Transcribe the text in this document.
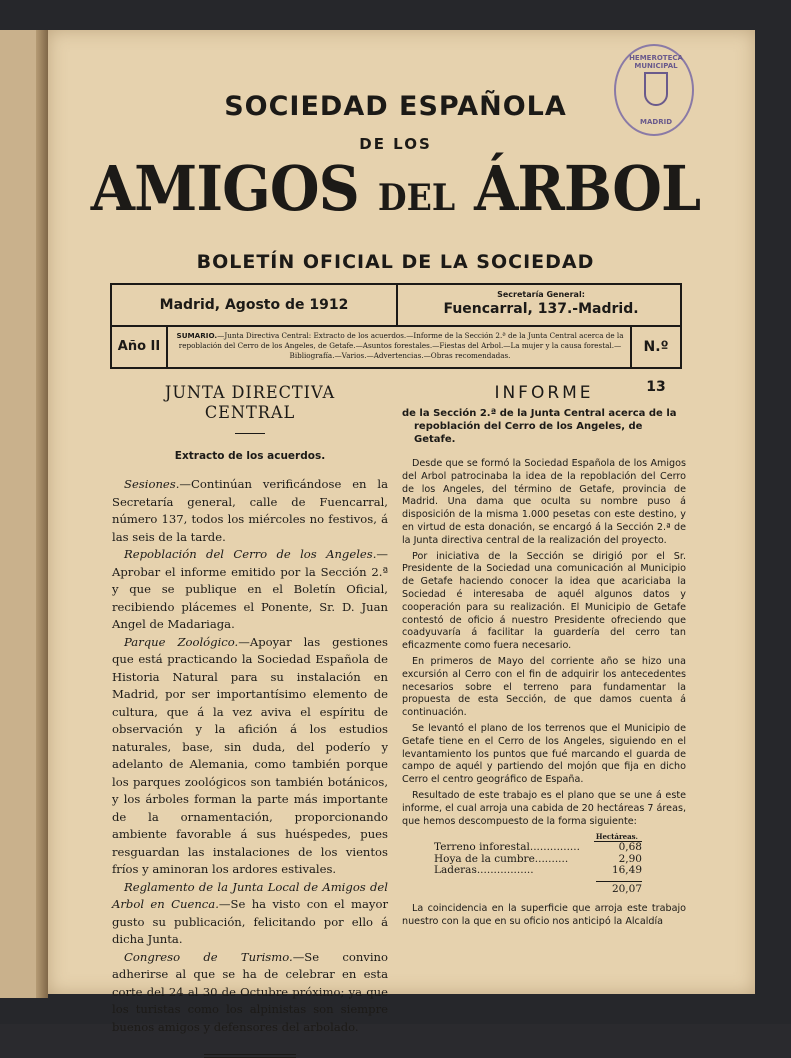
HEMEROTECA MUNICIPAL
MADRID
SOCIEDAD ESPAÑOLA
DE LOS
AMIGOS DEL ÁRBOL
BOLETÍN OFICIAL DE LA SOCIEDAD
Madrid, Agosto de 1912
Secretaría General:
Fuencarral, 137.-Madrid.
Año II
SUMARIO.—Junta Directiva Central: Extracto de los acuerdos.—Informe de la Sección 2.ª de la Junta Central acerca de la repoblación del Cerro de los Angeles, de Getafe.—Asuntos forestales.—Fiestas del Arbol.—La mujer y la causa forestal.—Bibliografía.—Varios.—Advertencias.—Obras recomendadas.
N.º 13
JUNTA DIRECTIVA CENTRAL
Extracto de los acuerdos.

Sesiones.—Continúan verificándose en la Secretaría general, calle de Fuencarral, número 137, todos los miércoles no festivos, á las seis de la tarde.

Repoblación del Cerro de los Angeles.—Aprobar el informe emitido por la Sección 2.ª y que se publique en el Boletín Oficial, recibiendo plácemes el Ponente, Sr. D. Juan Angel de Madariaga.

Parque Zoológico.—Apoyar las gestiones que está practicando la Sociedad Española de Historia Natural para su instalación en Madrid, por ser importantísimo elemento de cultura, que á la vez aviva el espíritu de observación y la afición á los estudios naturales, base, sin duda, del poderío y adelanto de Alemania, como también porque los parques zoológicos son también botánicos, y los árboles forman la parte más importante de la ornamentación, proporcionando ambiente favorable á sus huéspedes, pues resguardan las instalaciones de los vientos fríos y aminoran los ardores estivales.

Reglamento de la Junta Local de Amigos del Arbol en Cuenca.—Se ha visto con el mayor gusto su publicación, felicitando por ello á dicha Junta.

Congreso de Turismo.—Se convino adherirse al que se ha de celebrar en esta corte del 24 al 30 de Octubre próximo; ya que los turistas como los alpinistas son siempre buenos amigos y defensores del arbolado.

INFORME
de la Sección 2.ª de la Junta Central acerca de la repoblación del Cerro de los Angeles, de Getafe.

Desde que se formó la Sociedad Española de los Amigos del Arbol patrocinaba la idea de la repoblación del Cerro de los Angeles, del término de Getafe, provincia de Madrid. Una dama que oculta su nombre puso á disposición de la misma 1.000 pesetas con este destino, y en virtud de esta donación, se encargó á la Sección 2.ª de la Junta directiva central de la realización del proyecto.

Por iniciativa de la Sección se dirigió por el Sr. Presidente de la Sociedad una comunicación al Municipio de Getafe haciendo conocer la idea que acariciaba la Sociedad é interesaba de aquél algunos datos y cooperación para su realización. El Municipio de Getafe contestó de oficio á nuestro Presidente ofreciendo que coadyuvaría á facilitar la guardería del cerro tan eficazmente como fuera necesario.

En primeros de Mayo del corriente año se hizo una excursión al Cerro con el fin de adquirir los antecedentes necesarios sobre el terreno para fundamentar la propuesta de esta Sección, de que damos cuenta á continuación.

Se levantó el plano de los terrenos que el Municipio de Getafe tiene en el Cerro de los Angeles, siguiendo en el levantamiento los puntos que fué marcando el guarda de campo de aquél y partiendo del mojón que fija en dicho Cerro el centro geográfico de España.

Resultado de este trabajo es el plano que se une á este informe, el cual arroja una cabida de 20 hectáreas 7 áreas, que hemos descompuesto de la forma siguiente:

Hectáreas.
Terreno inforestal...............	0,68
Hoya de la cumbre..........	2,90
Laderas.................	16,49
20,07
La coincidencia en la superficie que arroja este trabajo nuestro con la que en su oficio nos anticipó la Alcaldía
